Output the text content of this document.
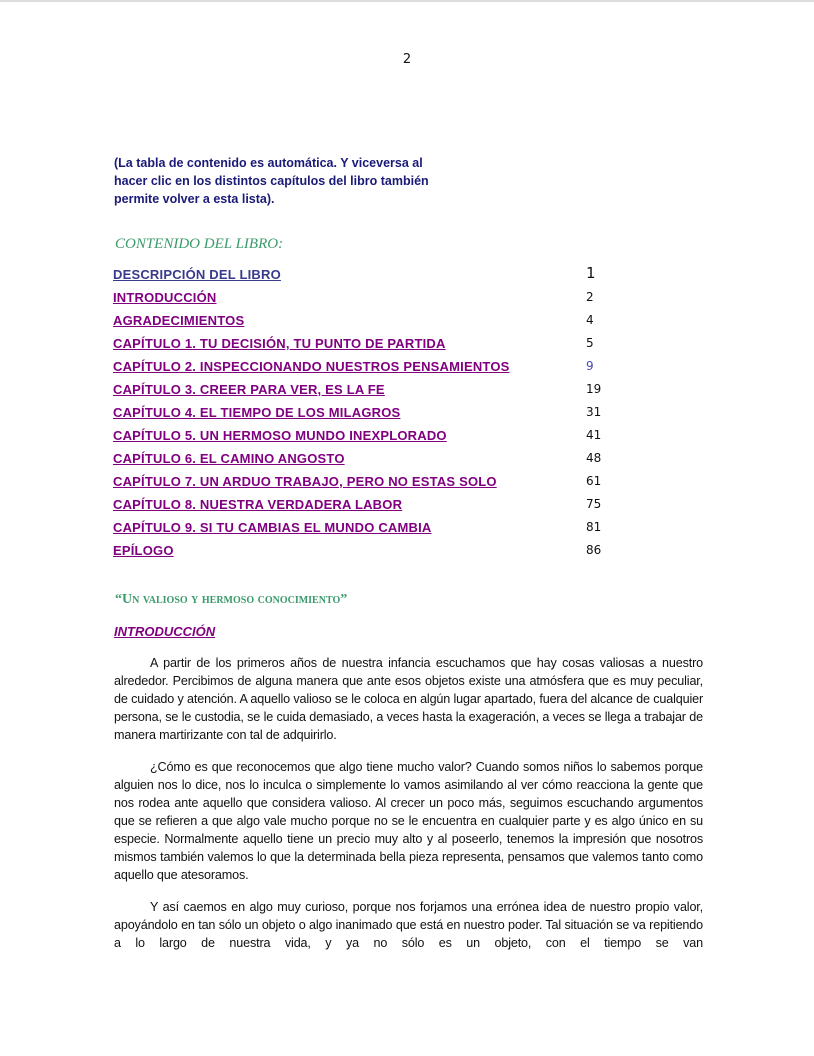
2
(La tabla de contenido es automática. Y viceversa al hacer clic en los distintos capítulos del libro también permite volver a esta lista).
CONTENIDO DEL LIBRO:
DESCRIPCIÓN DEL LIBRO	1
INTRODUCCIÓN	2
AGRADECIMIENTOS	4
CAPÍTULO 1. TU DECISIÓN, TU PUNTO DE PARTIDA	5
CAPÍTULO 2. INSPECCIONANDO NUESTROS PENSAMIENTOS	9
CAPÍTULO 3. CREER PARA VER, ES LA FE	19
CAPÍTULO 4. EL TIEMPO DE LOS MILAGROS	31
CAPÍTULO 5. UN HERMOSO MUNDO INEXPLORADO	41
CAPÍTULO 6. EL CAMINO ANGOSTO	48
CAPÍTULO 7. UN ARDUO TRABAJO, PERO NO ESTAS SOLO	61
CAPÍTULO 8. NUESTRA VERDADERA LABOR	75
CAPÍTULO 9. SI TU CAMBIAS EL MUNDO CAMBIA	81
EPÍLOGO	86
“Un valioso y hermoso conocimiento”
INTRODUCCIÓN

A partir de los primeros años de nuestra infancia escuchamos que hay cosas valiosas a nuestro alrededor. Percibimos de alguna manera que ante esos objetos existe una atmósfera que es muy peculiar, de cuidado y atención. A aquello valioso se le coloca en algún lugar apartado, fuera del alcance de cualquier persona, se le custodia, se le cuida demasiado, a veces hasta la exageración, a veces se llega a trabajar de manera martirizante con tal de adquirirlo.

¿Cómo es que reconocemos que algo tiene mucho valor? Cuando somos niños lo sabemos porque alguien nos lo dice, nos lo inculca o simplemente lo vamos asimilando al ver cómo reacciona la gente que nos rodea ante aquello que considera valioso. Al crecer un poco más, seguimos escuchando argumentos que se refieren a que algo vale mucho porque no se le encuentra en cualquier parte y es algo único en su especie. Normalmente aquello tiene un precio muy alto y al poseerlo, tenemos la impresión que nosotros mismos también valemos lo que la determinada bella pieza representa, pensamos que valemos tanto como aquello que atesoramos.

Y así caemos en algo muy curioso, porque nos forjamos una errónea idea de nuestro propio valor, apoyándolo en tan sólo un objeto o algo inanimado que está en nuestro poder. Tal situación se va repitiendo a lo largo de nuestra vida, y ya no sólo es un objeto, con el tiempo se van
